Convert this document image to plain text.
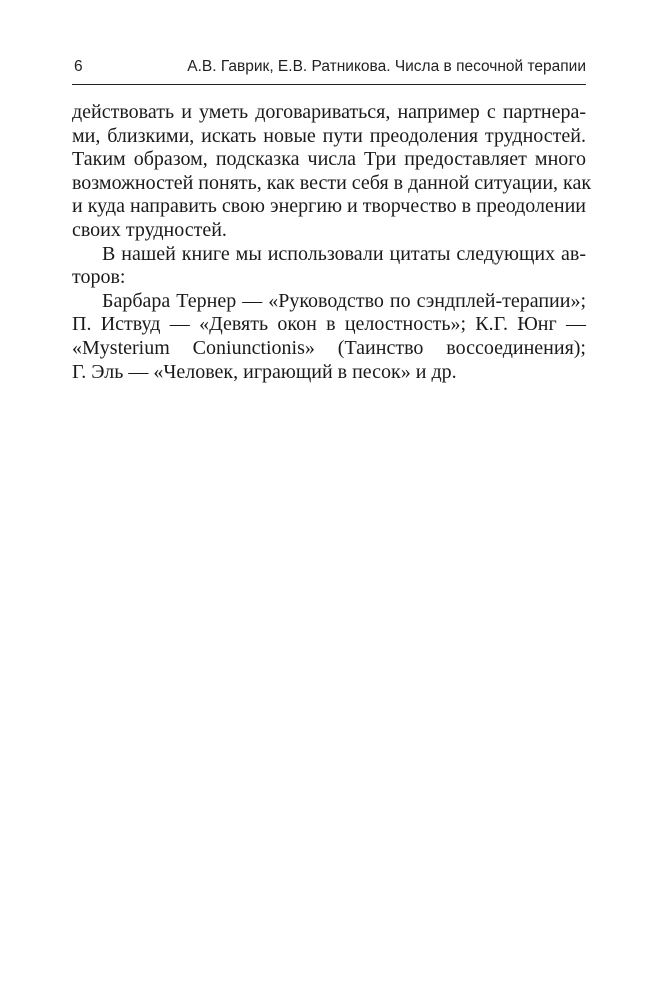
6	А.В. Гаврик, Е.В. Ратникова. Числа в песочной терапии
действовать и уметь договариваться, например с партнера-
ми, близкими, искать новые пути преодоления трудностей.
Таким образом, подсказка числа Три предоставляет много
возможностей понять, как вести себя в данной ситуации, как
и куда направить свою энергию и творчество в преодолении
своих трудностей.
В нашей книге мы использовали цитаты следующих ав-
торов:
Барбара Тернер — «Руководство по сэндплей-терапии»;
П. Иствуд — «Девять окон в целостность»; К.Г. Юнг —
«Mysterium Coniunctionis» (Таинство воссоединения);
Г. Эль — «Человек, играющий в песок» и др.
